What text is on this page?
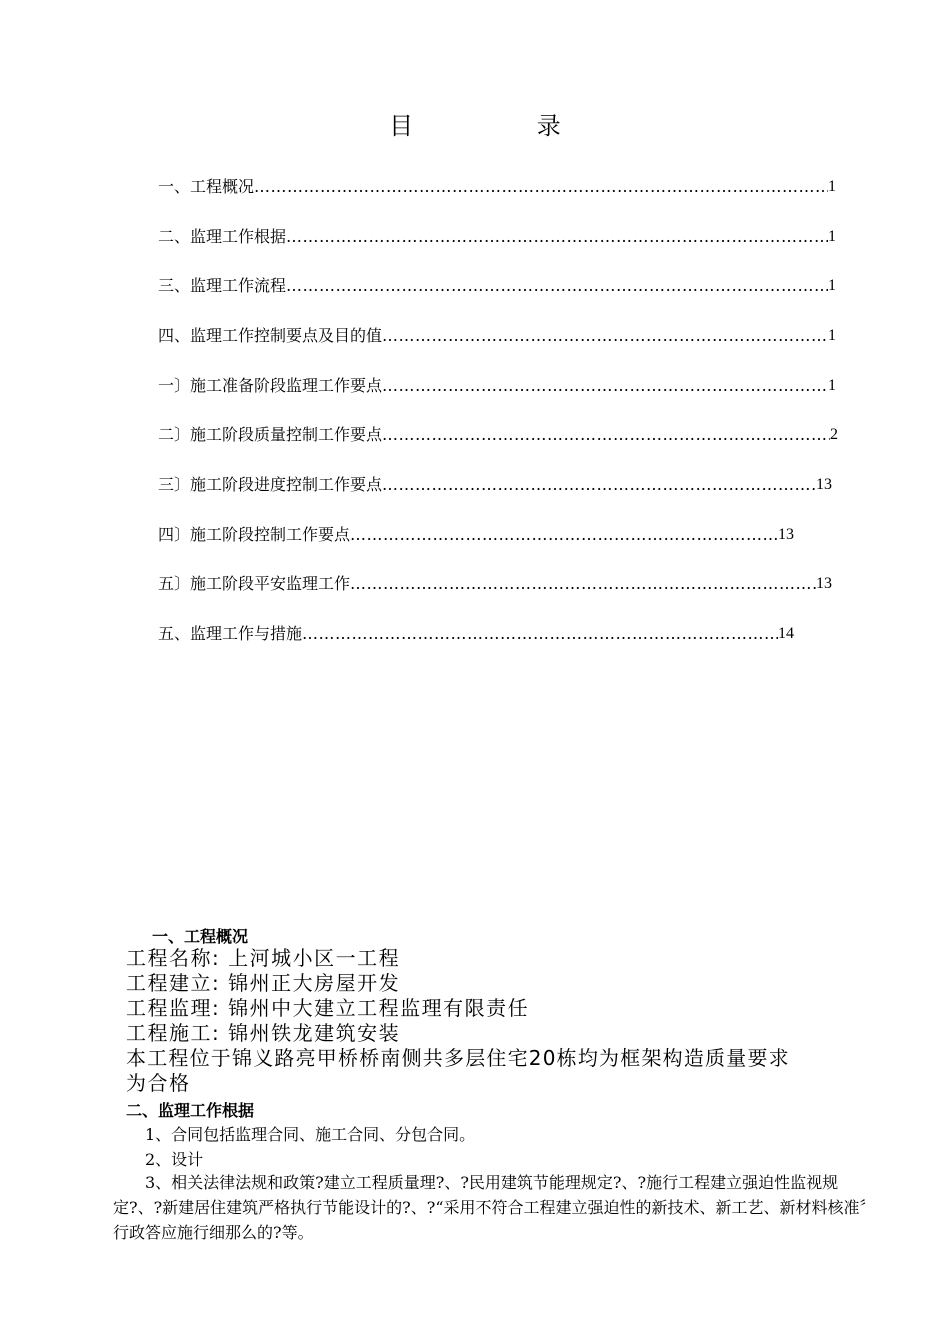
目 录
一、工程概况 ………………………………………………………………………………………………………………………………………………	1
二、监理工作根据 ………………………………………………………………………………………………………………………………………………	1
三、监理工作流程 ………………………………………………………………………………………………………………………………………………	1
四、监理工作控制要点及目的值 ………………………………………………………………………………………………………………………………………………	1
一〕施工准备阶段监理工作要点 ………………………………………………………………………………………………………………………………………………	1
二〕施工阶段质量控制工作要点 ………………………………………………………………………………………………………………………………………………	2
三〕施工阶段进度控制工作要点 ………………………………………………………………………………………………………………………………………………	13
四〕施工阶段控制工作要点 ………………………………………………………………………………………………………………………………………………	13
五〕施工阶段平安监理工作 ………………………………………………………………………………………………………………………………………………	13
五、监理工作与措施 ………………………………………………………………………………………………………………………………………………	14
一、工程概况
工程名称: 上河城小区一工程
工程建立: 锦州正大房屋开发
工程监理: 锦州中大建立工程监理有限责任
工程施工: 锦州铁龙建筑安装
本工程位于锦义路亮甲桥桥南侧共多层住宅20栋均为框架构造质量要求
为合格
二、监理工作根据
　　1、合同包括监理合同、施工合同、分包合同。
　　2、设计
　　3、相关法律法规和政策?建立工程质量理?、?民用建筑节能理规定?、?施行工程建立强迫性监视规定?、?新建居住建筑严格执行节能设计的?、?“采用不符合工程建立强迫性的新技术、新工艺、新材料核准〞行政答应施行细那么的?等。
